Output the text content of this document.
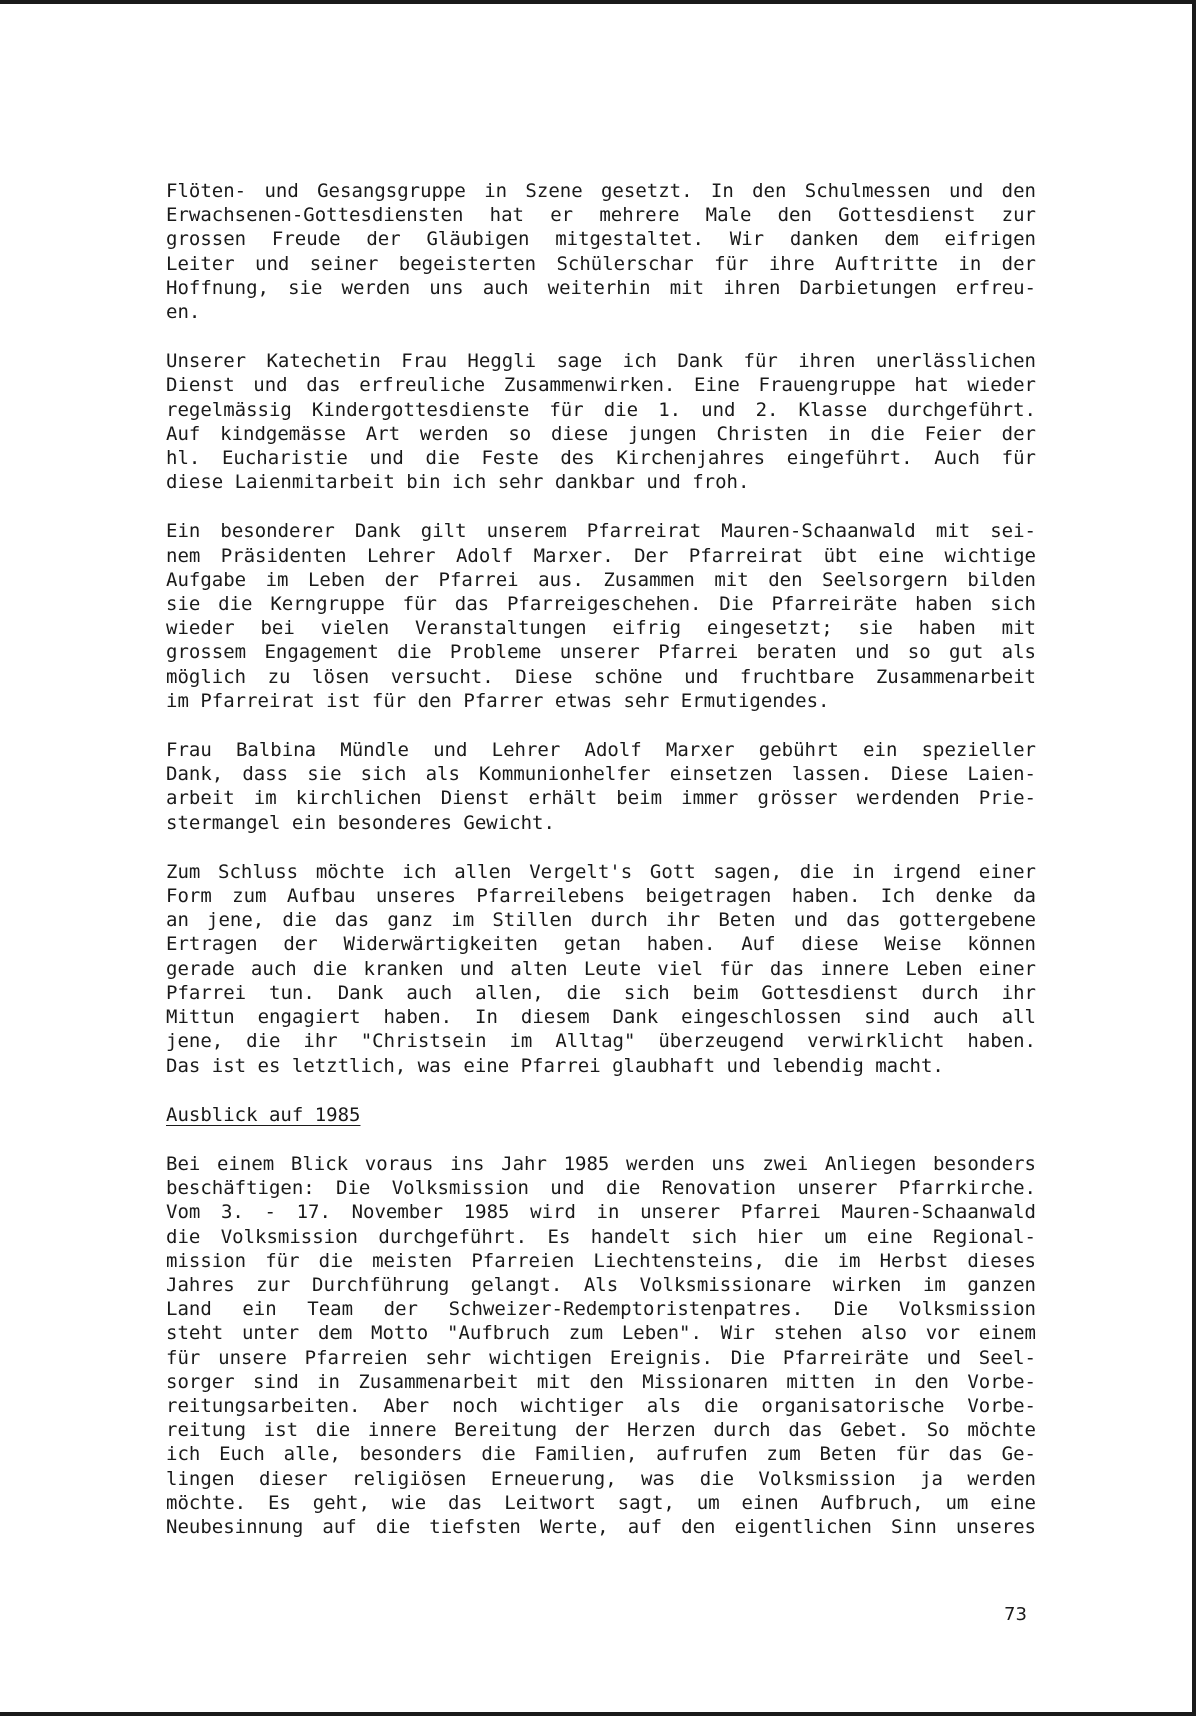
Flöten- und Gesangsgruppe in Szene gesetzt. In den Schulmessen und den
Erwachsenen-Gottesdiensten hat er mehrere Male den Gottesdienst zur
grossen Freude der Gläubigen mitgestaltet. Wir danken dem eifrigen
Leiter und seiner begeisterten Schülerschar für ihre Auftritte in der
Hoffnung, sie werden uns auch weiterhin mit ihren Darbietungen erfreu-
en.
Unserer Katechetin Frau Heggli sage ich Dank für ihren unerlässlichen
Dienst und das erfreuliche Zusammenwirken. Eine Frauengruppe hat wieder
regelmässig Kindergottesdienste für die 1. und 2. Klasse durchgeführt.
Auf kindgemässe Art werden so diese jungen Christen in die Feier der
hl. Eucharistie und die Feste des Kirchenjahres eingeführt. Auch für
diese Laienmitarbeit bin ich sehr dankbar und froh.
Ein besonderer Dank gilt unserem Pfarreirat Mauren-Schaanwald mit sei-
nem Präsidenten Lehrer Adolf Marxer. Der Pfarreirat übt eine wichtige
Aufgabe im Leben der Pfarrei aus. Zusammen mit den Seelsorgern bilden
sie die Kerngruppe für das Pfarreigeschehen. Die Pfarreiräte haben sich
wieder bei vielen Veranstaltungen eifrig eingesetzt; sie haben mit
grossem Engagement die Probleme unserer Pfarrei beraten und so gut als
möglich zu lösen versucht. Diese schöne und fruchtbare Zusammenarbeit
im Pfarreirat ist für den Pfarrer etwas sehr Ermutigendes.
Frau Balbina Mündle und Lehrer Adolf Marxer gebührt ein spezieller
Dank, dass sie sich als Kommunionhelfer einsetzen lassen. Diese Laien-
arbeit im kirchlichen Dienst erhält beim immer grösser werdenden Prie-
stermangel ein besonderes Gewicht.
Zum Schluss möchte ich allen Vergelt's Gott sagen, die in irgend einer
Form zum Aufbau unseres Pfarreilebens beigetragen haben. Ich denke da
an jene, die das ganz im Stillen durch ihr Beten und das gottergebene
Ertragen der Widerwärtigkeiten getan haben. Auf diese Weise können
gerade auch die kranken und alten Leute viel für das innere Leben einer
Pfarrei tun. Dank auch allen, die sich beim Gottesdienst durch ihr
Mittun engagiert haben. In diesem Dank eingeschlossen sind auch all
jene, die ihr "Christsein im Alltag" überzeugend verwirklicht haben.
Das ist es letztlich, was eine Pfarrei glaubhaft und lebendig macht.
Ausblick auf 1985
Bei einem Blick voraus ins Jahr 1985 werden uns zwei Anliegen besonders
beschäftigen: Die Volksmission und die Renovation unserer Pfarrkirche.
Vom 3. - 17. November 1985 wird in unserer Pfarrei Mauren-Schaanwald
die Volksmission durchgeführt. Es handelt sich hier um eine Regional-
mission für die meisten Pfarreien Liechtensteins, die im Herbst dieses
Jahres zur Durchführung gelangt. Als Volksmissionare wirken im ganzen
Land ein Team der Schweizer-Redemptoristenpatres. Die Volksmission
steht unter dem Motto "Aufbruch zum Leben". Wir stehen also vor einem
für unsere Pfarreien sehr wichtigen Ereignis. Die Pfarreiräte und Seel-
sorger sind in Zusammenarbeit mit den Missionaren mitten in den Vorbe-
reitungsarbeiten. Aber noch wichtiger als die organisatorische Vorbe-
reitung ist die innere Bereitung der Herzen durch das Gebet. So möchte
ich Euch alle, besonders die Familien, aufrufen zum Beten für das Ge-
lingen dieser religiösen Erneuerung, was die Volksmission ja werden
möchte. Es geht, wie das Leitwort sagt, um einen Aufbruch, um eine
Neubesinnung auf die tiefsten Werte, auf den eigentlichen Sinn unseres
73
